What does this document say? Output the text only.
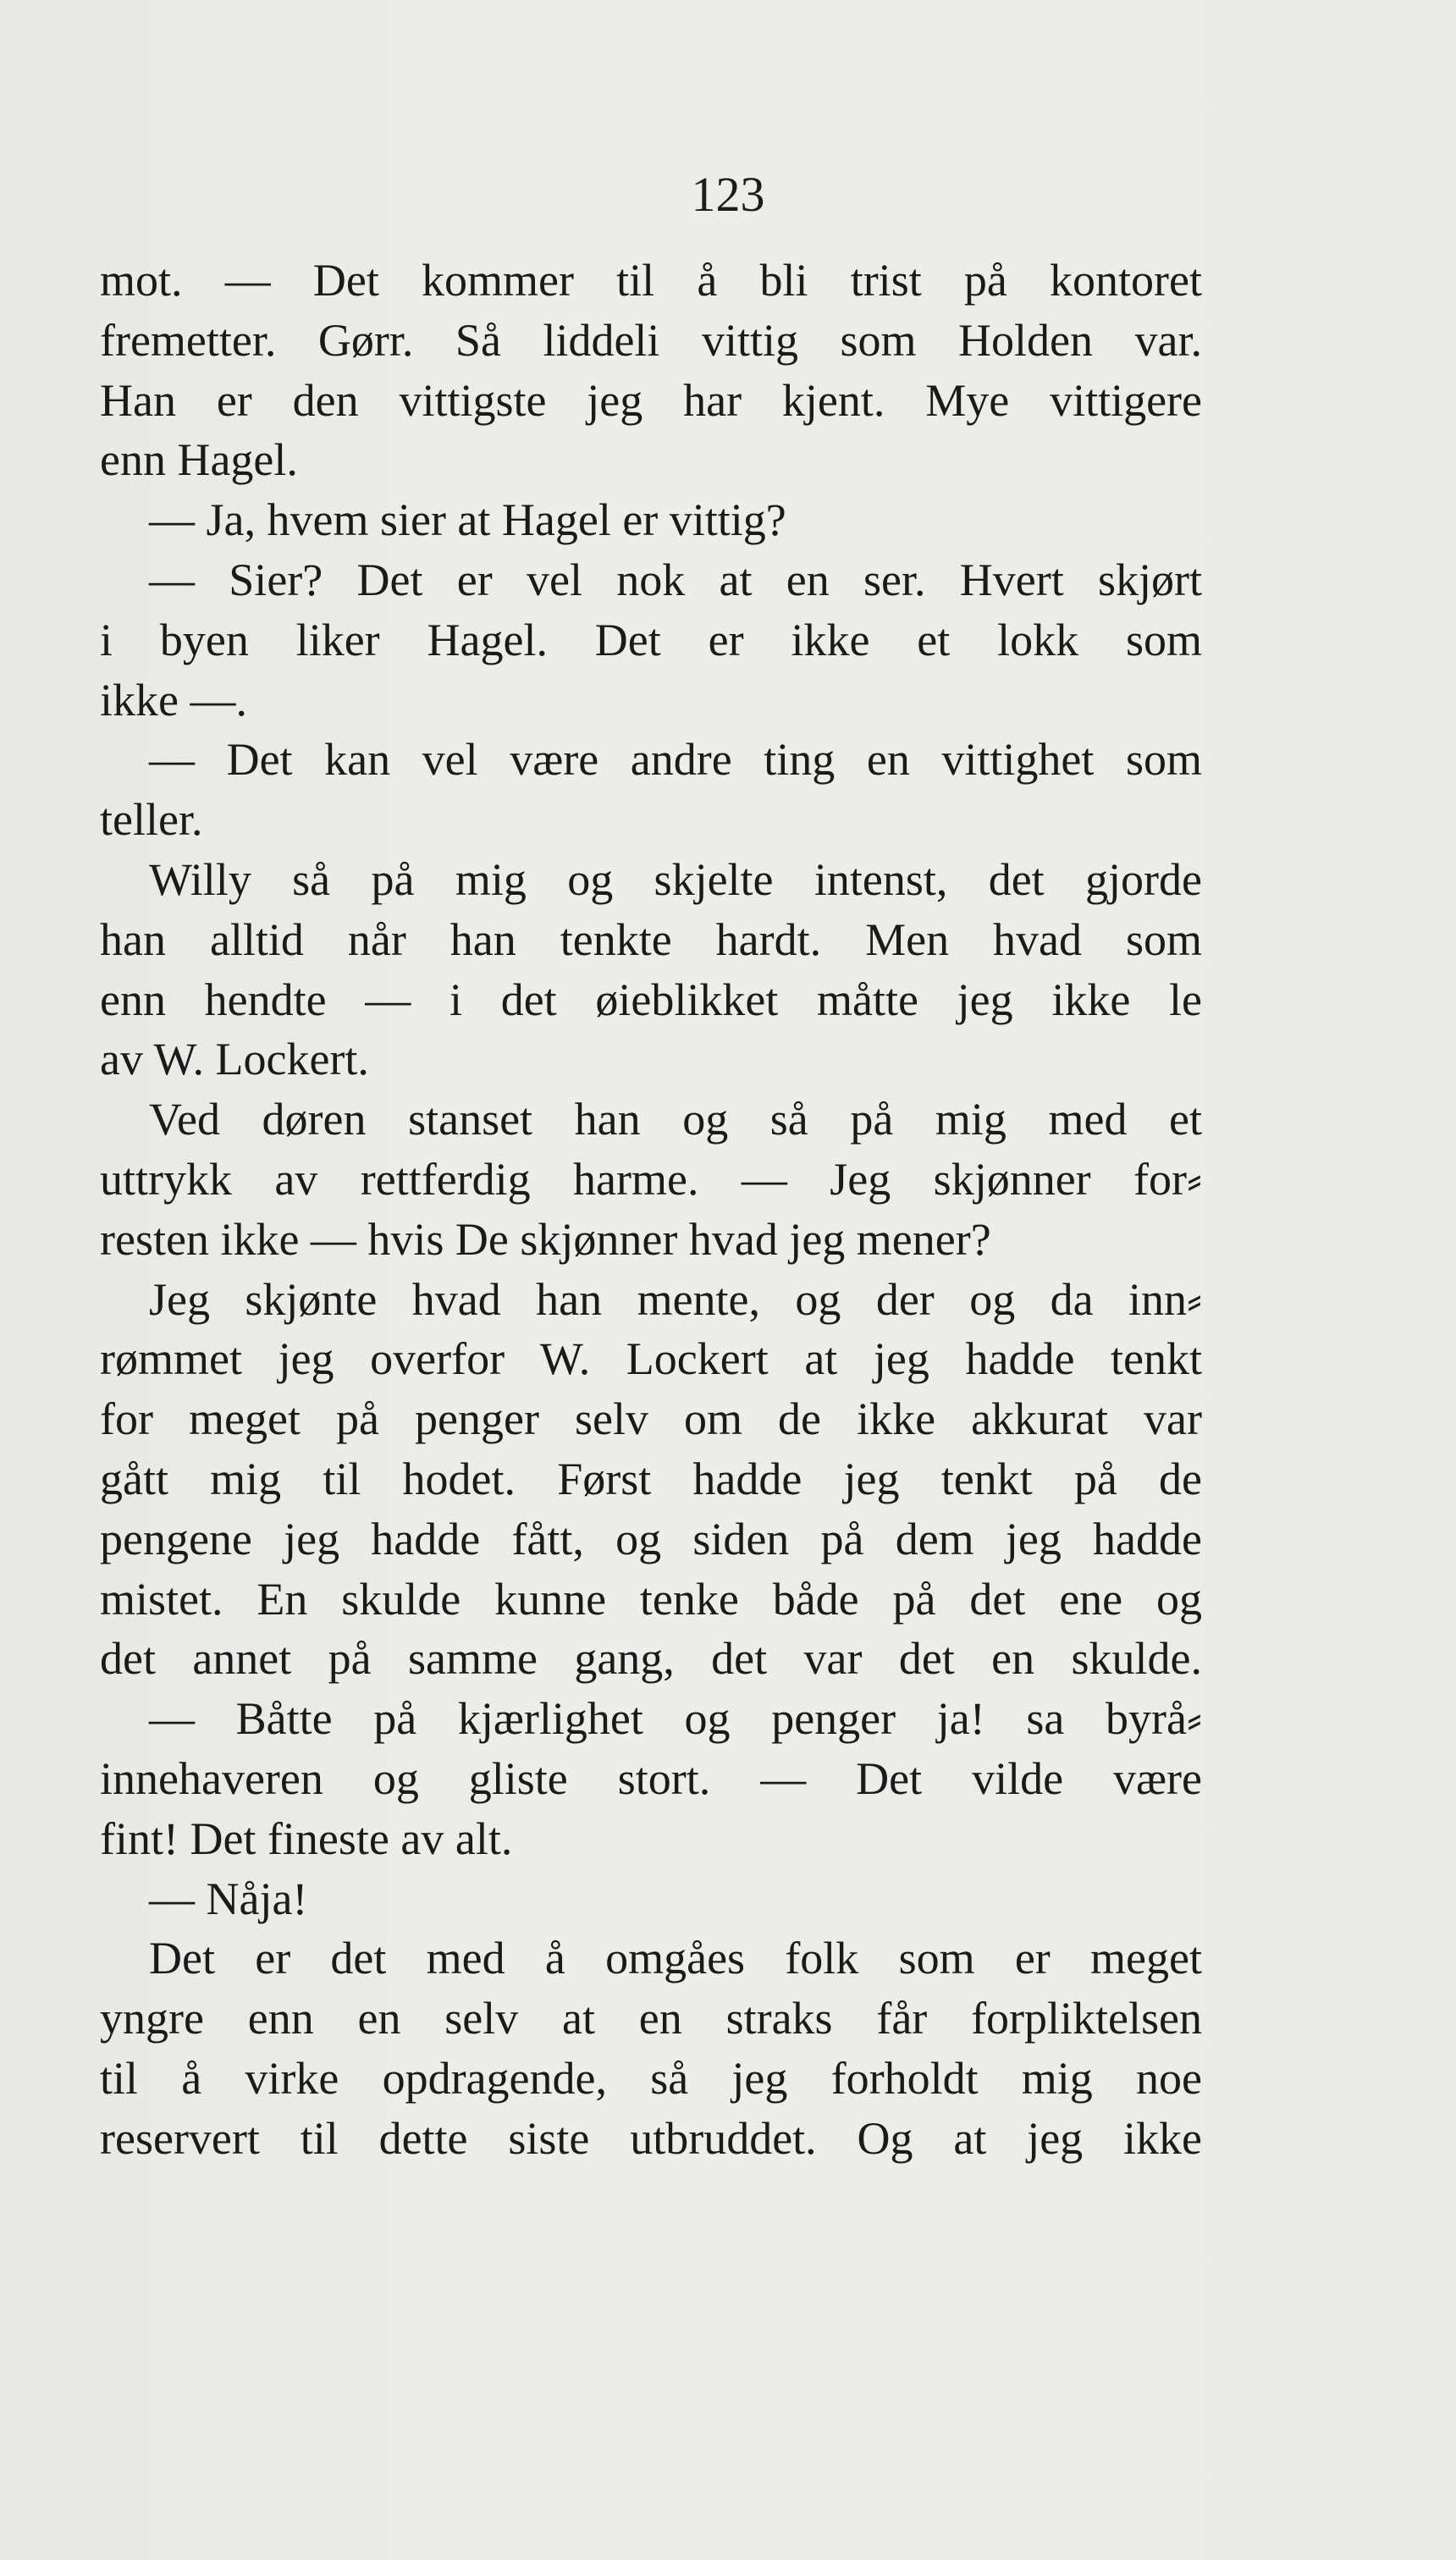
123
mot. — Det kommer til å bli trist på kontoret
fremetter. Gørr. Så liddeli vittig som Holden var.
Han er den vittigste jeg har kjent. Mye vittigere
enn Hagel.
— Ja, hvem sier at Hagel er vittig?
— Sier? Det er vel nok at en ser. Hvert skjørt
i byen liker Hagel. Det er ikke et lokk som
ikke —.
— Det kan vel være andre ting en vittighet som
teller.
Willy så på mig og skjelte intenst, det gjorde
han alltid når han tenkte hardt. Men hvad som
enn hendte — i det øieblikket måtte jeg ikke le
av W. Lockert.
Ved døren stanset han og så på mig med et
uttrykk av rettferdig harme. — Jeg skjønner for⸗
resten ikke — hvis De skjønner hvad jeg mener?
Jeg skjønte hvad han mente, og der og da inn⸗
rømmet jeg overfor W. Lockert at jeg hadde tenkt
for meget på penger selv om de ikke akkurat var
gått mig til hodet. Først hadde jeg tenkt på de
pengene jeg hadde fått, og siden på dem jeg hadde
mistet. En skulde kunne tenke både på det ene og
det annet på samme gang, det var det en skulde.
— Båtte på kjærlighet og penger ja! sa byrå⸗
innehaveren og gliste stort. — Det vilde være
fint! Det fineste av alt.
— Nåja!
Det er det med å omgåes folk som er meget
yngre enn en selv at en straks får forpliktelsen
til å virke opdragende, så jeg forholdt mig noe
reservert til dette siste utbruddet. Og at jeg ikke
